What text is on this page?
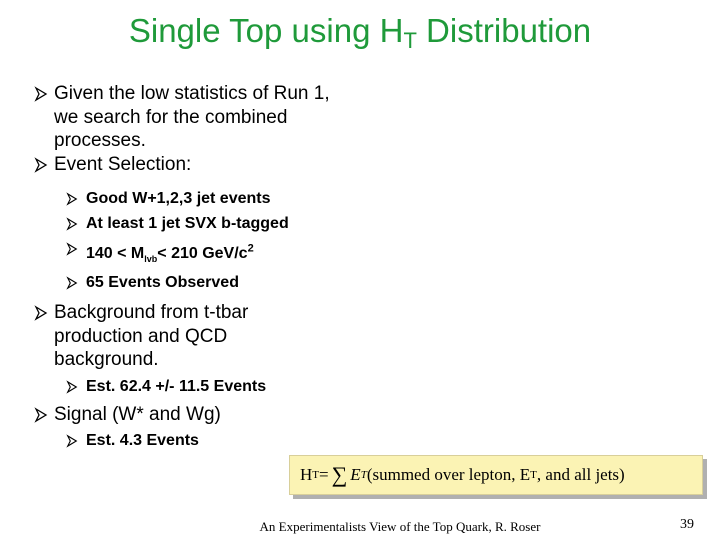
Single Top using $H_T$ Distribution
Given the low statistics of Run 1, we search for the combined processes.
Event Selection:
Good W+1,2,3 jet events
At least 1 jet SVX b-tagged
$140 < M_{lvb}< 210$ GeV/$c^2$
65 Events Observed
Background from t-tbar production and QCD background.
Est. 62.4 +/- 11.5 Events
Signal (W* and Wg)
Est. 4.3 Events
H T = ∑ E T (summed over lepton, E T , and all jets)
An Experimentalists View of the Top Quark, R. Roser	39
